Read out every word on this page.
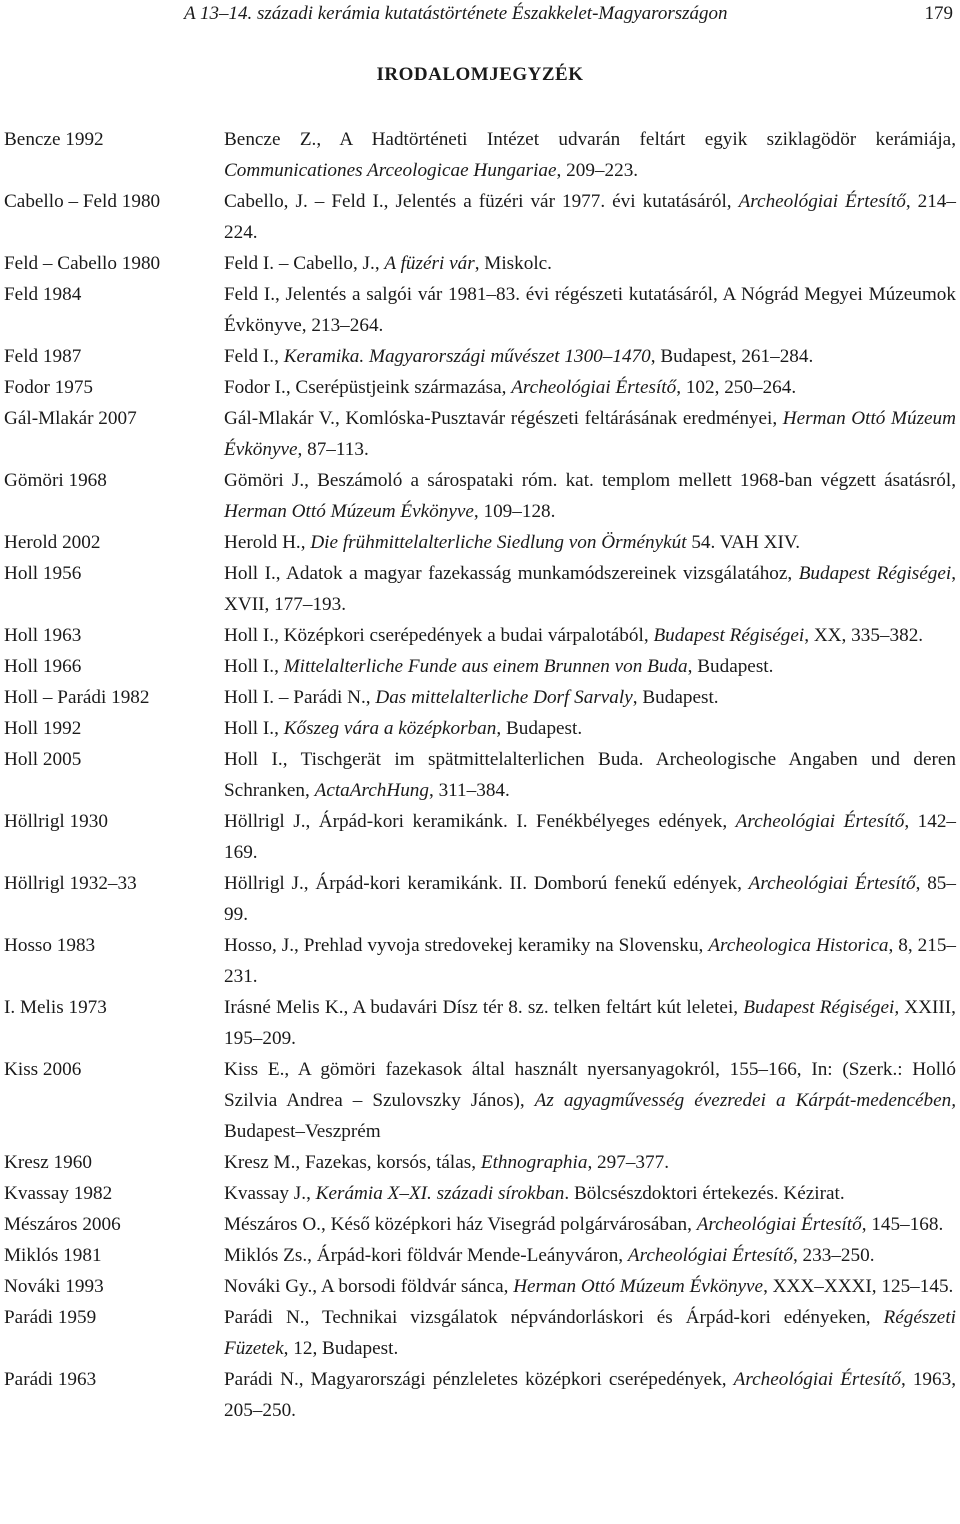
A 13–14. századi kerámia kutatástörténete Északkelet-Magyarországon	179
IRODALOMJEGYZÉK
Bencze 1992	Bencze Z., A Hadtörténeti Intézet udvarán feltárt egyik sziklagödör kerámiája, Communicationes Arceologicae Hungariae, 209–223.
Cabello – Feld 1980	Cabello, J. – Feld I., Jelentés a füzéri vár 1977. évi kutatásáról, Archeológiai Értesítő, 214–224.
Feld – Cabello 1980	Feld I. – Cabello, J., A füzéri vár, Miskolc.
Feld 1984	Feld I., Jelentés a salgói vár 1981–83. évi régészeti kutatásáról, A Nógrád Megyei Múzeumok Évkönyve, 213–264.
Feld 1987	Feld I., Keramika. Magyarországi művészet 1300–1470, Budapest, 261–284.
Fodor 1975	Fodor I., Cserépüstjeink származása, Archeológiai Értesítő, 102, 250–264.
Gál-Mlakár 2007	Gál-Mlakár V., Komlóska-Pusztavár régészeti feltárásának eredményei, Herman Ottó Múzeum Évkönyve, 87–113.
Gömöri 1968	Gömöri J., Beszámoló a sárospataki róm. kat. templom mellett 1968-ban végzett ásatásról, Herman Ottó Múzeum Évkönyve, 109–128.
Herold 2002	Herold H., Die frühmittelalterliche Siedlung von Örménykút 54. VAH XIV.
Holl 1956	Holl I., Adatok a magyar fazekasság munkamódszereinek vizsgálatához, Budapest Régiségei, XVII, 177–193.
Holl 1963	Holl I., Középkori cserépedények a budai várpalotából, Budapest Régiségei, XX, 335–382.
Holl 1966	Holl I., Mittelalterliche Funde aus einem Brunnen von Buda, Budapest.
Holl – Parádi 1982	Holl I. – Parádi N., Das mittelalterliche Dorf Sarvaly, Budapest.
Holl 1992	Holl I., Kőszeg vára a középkorban, Budapest.
Holl 2005	Holl I., Tischgerät im spätmittelalterlichen Buda. Archeologische Angaben und deren Schranken, ActaArchHung, 311–384.
Höllrigl 1930	Höllrigl J., Árpád-kori keramikánk. I. Fenékbélyeges edények, Archeológiai Értesítő, 142–169.
Höllrigl 1932–33	Höllrigl J., Árpád-kori keramikánk. II. Domború fenekű edények, Archeológiai Értesítő, 85–99.
Hosso 1983	Hosso, J., Prehlad vyvoja stredovekej keramiky na Slovensku, Archeologica Historica, 8, 215–231.
I. Melis 1973	Irásné Melis K., A budavári Dísz tér 8. sz. telken feltárt kút leletei, Budapest Régiségei, XXIII, 195–209.
Kiss 2006	Kiss E., A gömöri fazekasok által használt nyersanyagokról, 155–166, In: (Szerk.: Holló Szilvia Andrea – Szulovszky János), Az agyagművesség évezredei a Kárpát-medencében, Budapest–Veszprém
Kresz 1960	Kresz M., Fazekas, korsós, tálas, Ethnographia, 297–377.
Kvassay 1982	Kvassay J., Kerámia X–XI. századi sírokban. Bölcsészdoktori értekezés. Kézirat.
Mészáros 2006	Mészáros O., Késő középkori ház Visegrád polgárvárosában, Archeológiai Értesítő, 145–168.
Miklós 1981	Miklós Zs., Árpád-kori földvár Mende-Leányváron, Archeológiai Értesítő, 233–250.
Nováki 1993	Nováki Gy., A borsodi földvár sánca, Herman Ottó Múzeum Évkönyve, XXX–XXXI, 125–145.
Parádi 1959	Parádi N., Technikai vizsgálatok népvándorláskori és Árpád-kori edényeken, Régészeti Füzetek, 12, Budapest.
Parádi 1963	Parádi N., Magyarországi pénzleletes középkori cserépedények, Archeológiai Értesítő, 1963, 205–250.
